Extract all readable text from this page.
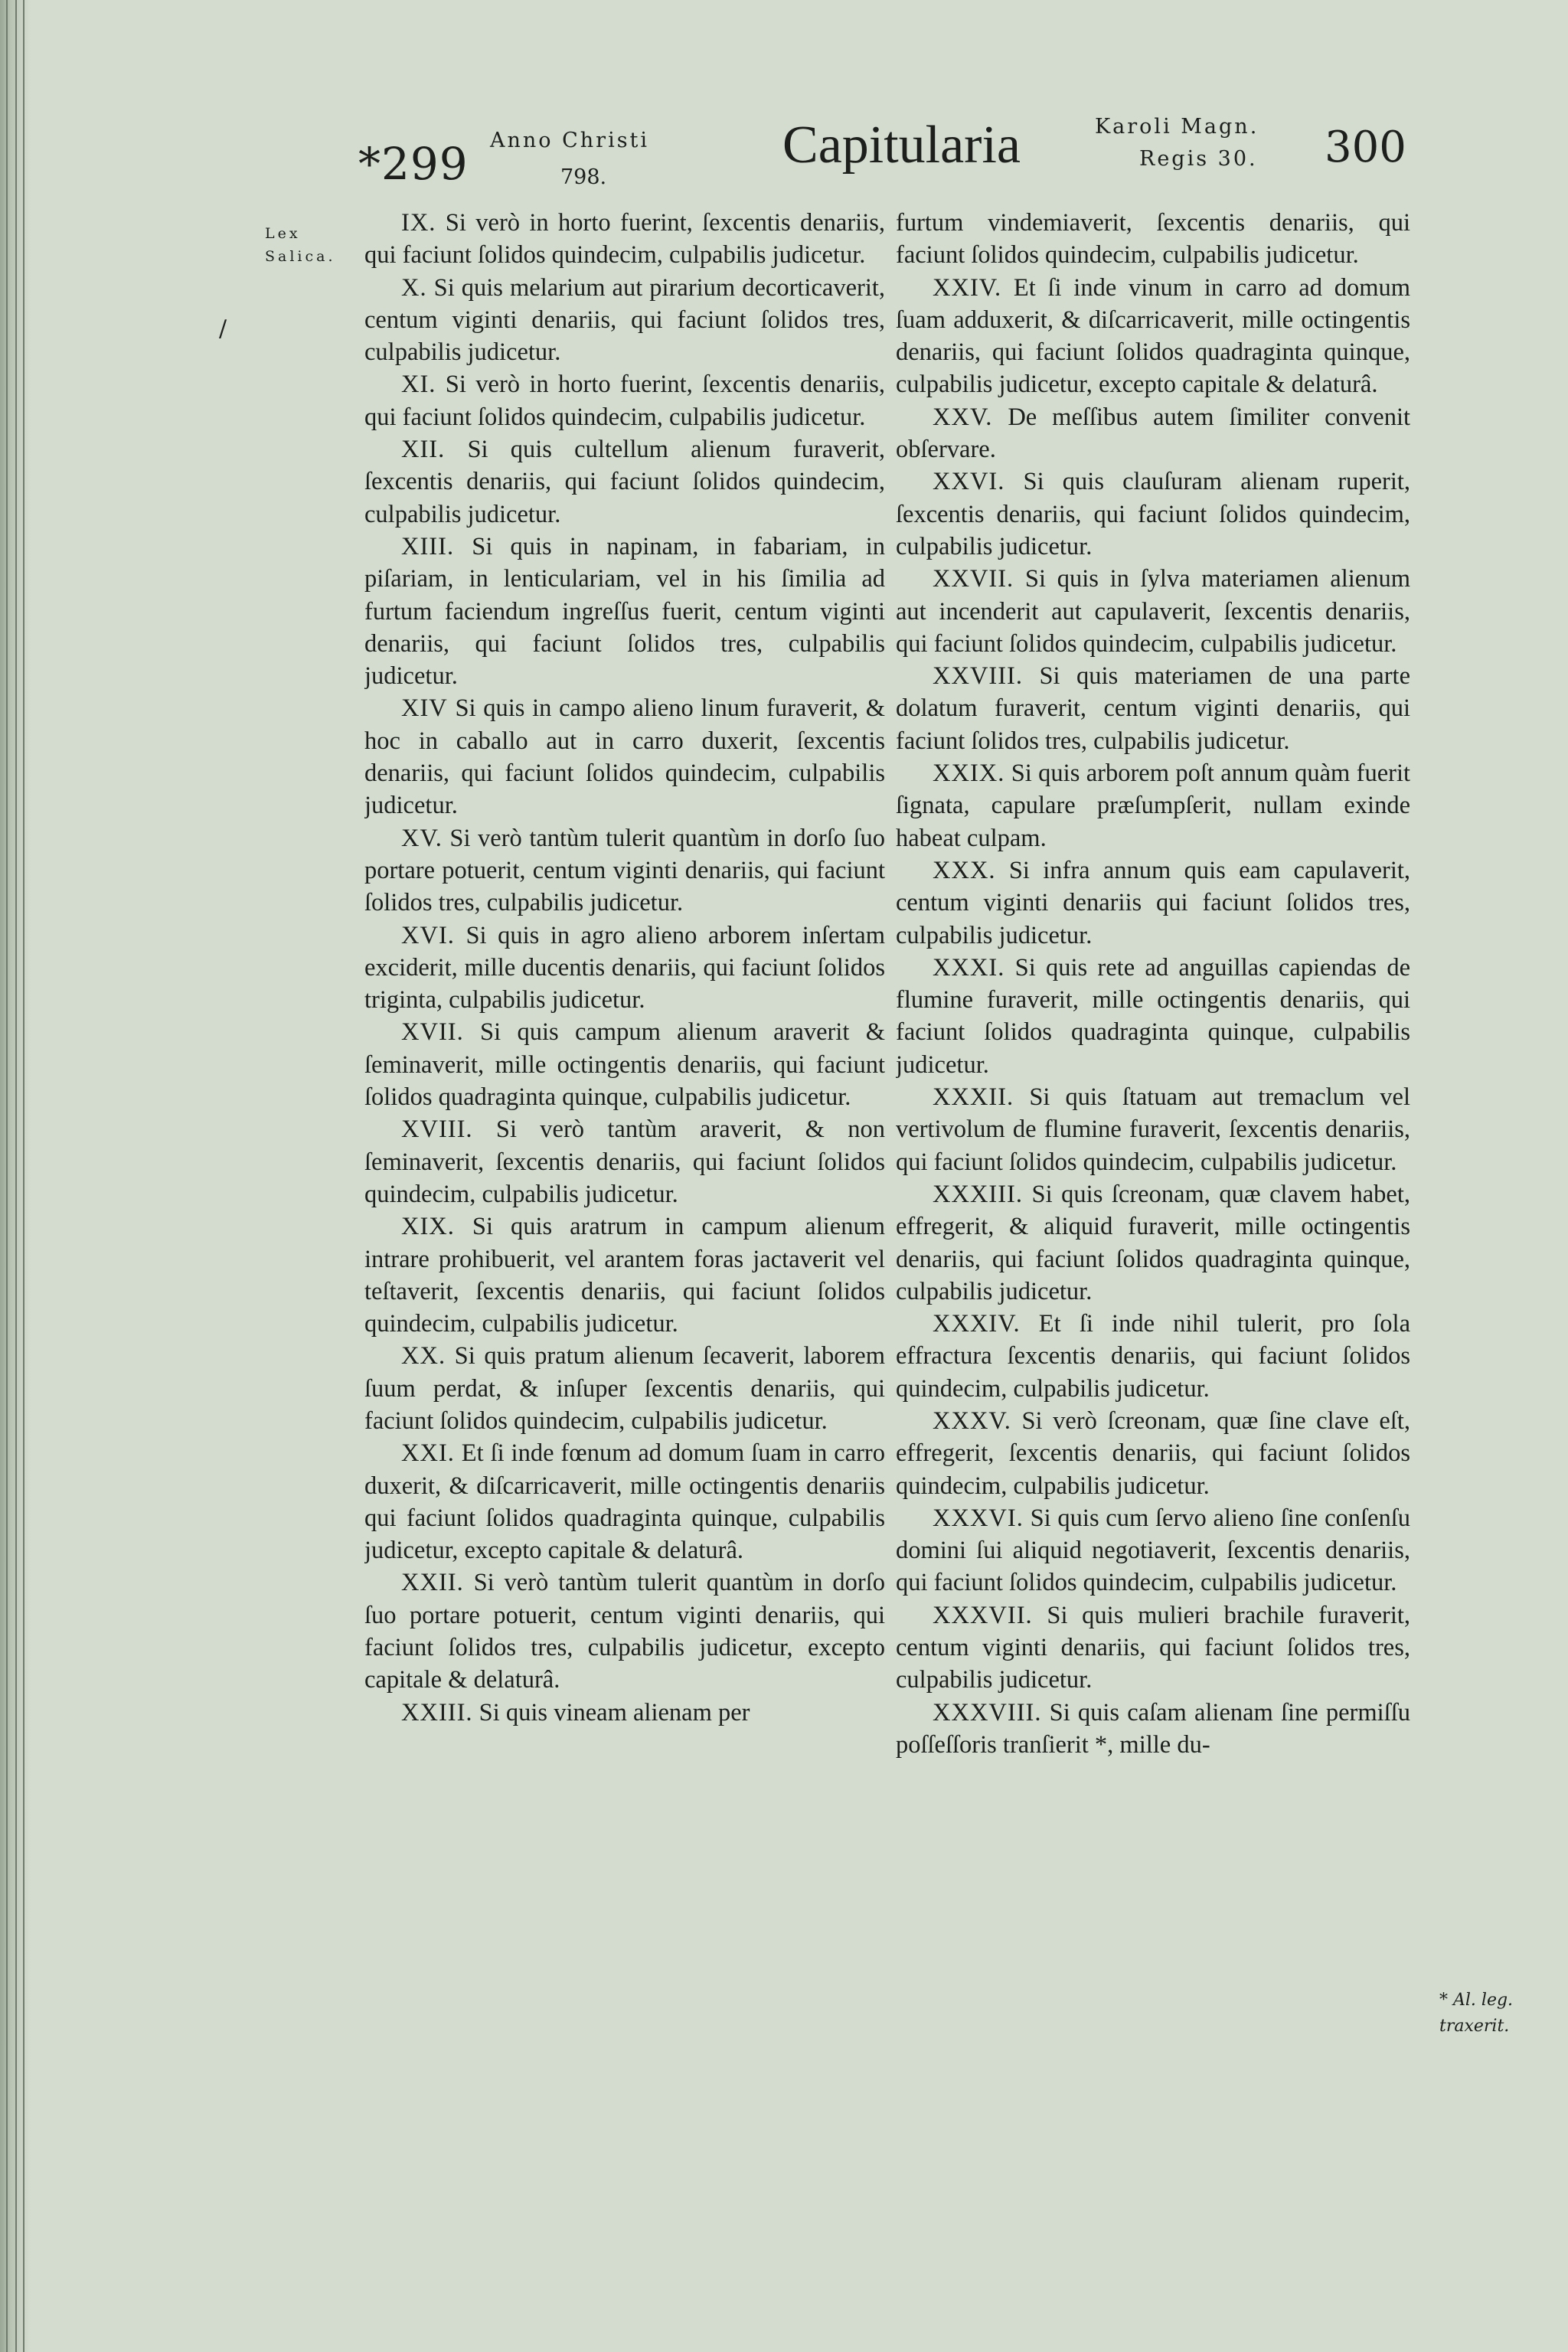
*299 Anno Christi
798.
Capitularia	Karoli Magn.
Regis 30. 300
Lex
Salica.
/

IX. Si verò in horto fuerint, ſexcentis denariis, qui faciunt ſolidos quindecim, culpabilis judicetur.

X. Si quis melarium aut pirarium decorticaverit, centum viginti denariis, qui faciunt ſolidos tres, culpabilis judicetur.

XI. Si verò in horto fuerint, ſexcentis denariis, qui faciunt ſolidos quindecim, culpabilis judicetur.

XII. Si quis cultellum alienum furaverit, ſexcentis denariis, qui faciunt ſolidos quindecim, culpabilis judicetur.

XIII. Si quis in napinam, in fabariam, in piſariam, in lenticulariam, vel in his ſimilia ad furtum faciendum ingreſſus fuerit, centum viginti denariis, qui faciunt ſolidos tres, culpabilis judicetur.

XIV Si quis in campo alieno linum furaverit, & hoc in caballo aut in carro duxerit, ſexcentis denariis, qui faciunt ſolidos quindecim, culpabilis judicetur.

XV. Si verò tantùm tulerit quantùm in dorſo ſuo portare potuerit, centum viginti denariis, qui faciunt ſolidos tres, culpabilis judicetur.

XVI. Si quis in agro alieno arborem inſertam exciderit, mille ducentis denariis, qui faciunt ſolidos triginta, culpabilis judicetur.

XVII. Si quis campum alienum araverit & ſeminaverit, mille octingentis denariis, qui faciunt ſolidos quadraginta quinque, culpabilis judicetur.

XVIII. Si verò tantùm araverit, & non ſeminaverit, ſexcentis denariis, qui faciunt ſolidos quindecim, culpabilis judicetur.

XIX. Si quis aratrum in campum alienum intrare prohibuerit, vel arantem foras jactaverit vel teſtaverit, ſexcentis denariis, qui faciunt ſolidos quindecim, culpabilis judicetur.

XX. Si quis pratum alienum ſecaverit, laborem ſuum perdat, & inſuper ſexcentis denariis, qui faciunt ſolidos quindecim, culpabilis judicetur.

XXI. Et ſi inde fœnum ad domum ſuam in carro duxerit, & diſcarricaverit, mille octingentis denariis qui faciunt ſolidos quadraginta quinque, culpabilis judicetur, excepto capitale & delaturâ.

XXII. Si verò tantùm tulerit quantùm in dorſo ſuo portare potuerit, centum viginti denariis, qui faciunt ſolidos tres, culpabilis judicetur, excepto capitale & delaturâ.

XXIII. Si quis vineam alienam per

furtum vindemiaverit, ſexcentis denariis, qui faciunt ſolidos quindecim, culpabilis judicetur.

XXIV. Et ſi inde vinum in carro ad domum ſuam adduxerit, & diſcarricaverit, mille octingentis denariis, qui faciunt ſolidos quadraginta quinque, culpabilis judicetur, excepto capitale & delaturâ.

XXV. De meſſibus autem ſimiliter convenit obſervare.

XXVI. Si quis clauſuram alienam ruperit, ſexcentis denariis, qui faciunt ſolidos quindecim, culpabilis judicetur.

XXVII. Si quis in ſylva materiamen alienum aut incenderit aut capulaverit, ſexcentis denariis, qui faciunt ſolidos quindecim, culpabilis judicetur.

XXVIII. Si quis materiamen de una parte dolatum furaverit, centum viginti denariis, qui faciunt ſolidos tres, culpabilis judicetur.

XXIX. Si quis arborem poſt annum quàm fuerit ſignata, capulare præſumpſerit, nullam exinde habeat culpam.

XXX. Si infra annum quis eam capulaverit, centum viginti denariis qui faciunt ſolidos tres, culpabilis judicetur.

XXXI. Si quis rete ad anguillas capiendas de flumine furaverit, mille octingentis denariis, qui faciunt ſolidos quadraginta quinque, culpabilis judicetur.

XXXII. Si quis ſtatuam aut tremaclum vel vertivolum de flumine furaverit, ſexcentis denariis, qui faciunt ſolidos quindecim, culpabilis judicetur.

XXXIII. Si quis ſcreonam, quæ clavem habet, effregerit, & aliquid furaverit, mille octingentis denariis, qui faciunt ſolidos quadraginta quinque, culpabilis judicetur.

XXXIV. Et ſi inde nihil tulerit, pro ſola effractura ſexcentis denariis, qui faciunt ſolidos quindecim, culpabilis judicetur.

XXXV. Si verò ſcreonam, quæ ſine clave eſt, effregerit, ſexcentis denariis, qui faciunt ſolidos quindecim, culpabilis judicetur.

XXXVI. Si quis cum ſervo alieno ſine conſenſu domini ſui aliquid negotiaverit, ſexcentis denariis, qui faciunt ſolidos quindecim, culpabilis judicetur.

XXXVII. Si quis mulieri brachile furaverit, centum viginti denariis, qui faciunt ſolidos tres, culpabilis judicetur.

XXXVIII. Si quis caſam alienam ſine permiſſu poſſeſſoris tranſierit *, mille du-

* Al. leg.
traxerit.
